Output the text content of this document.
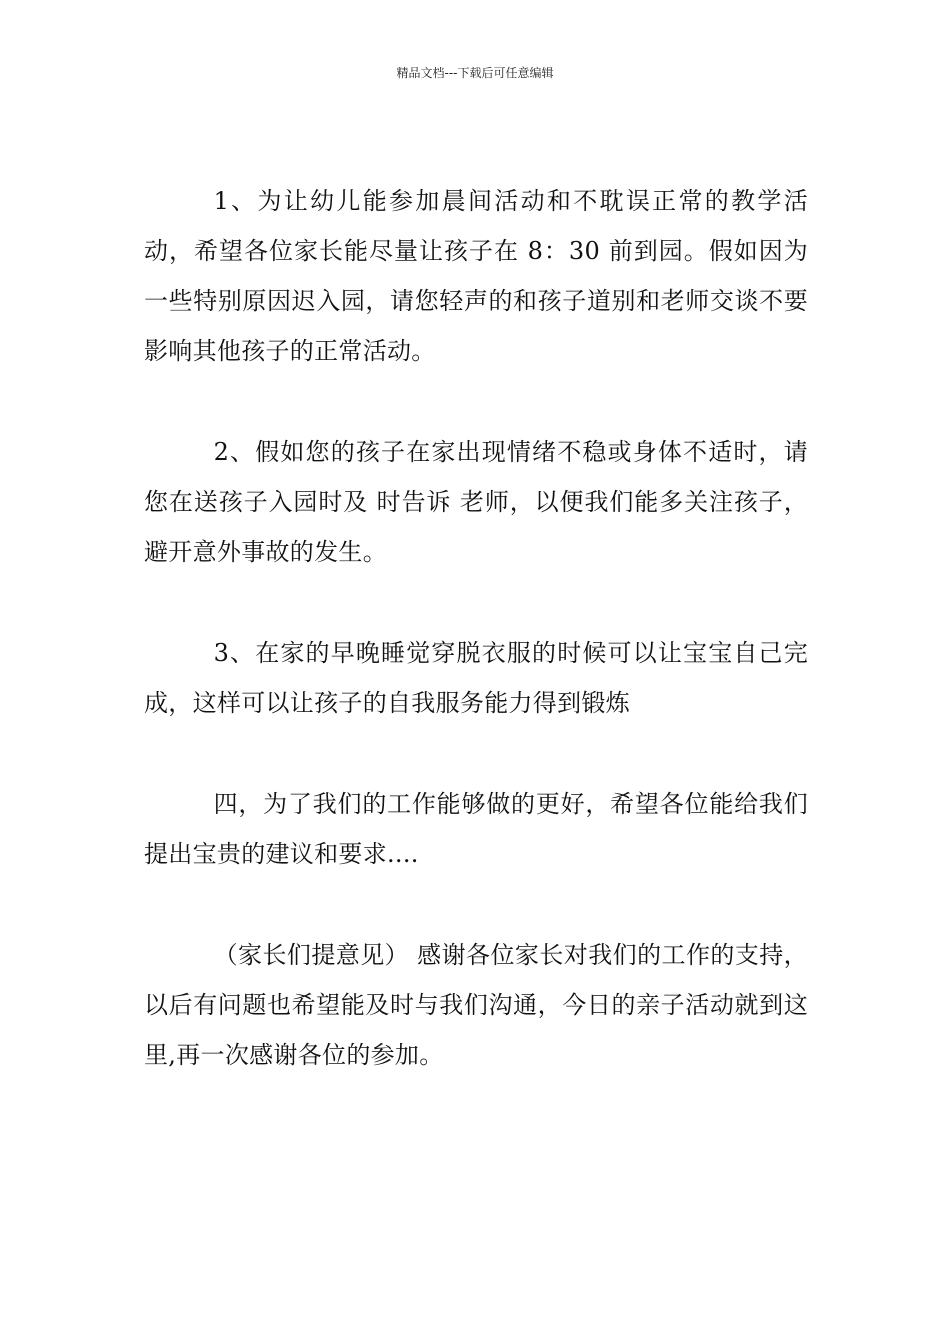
精品文档---下载后可任意编辑

1、为让幼儿能参加晨间活动和不耽误正常的教学活动，希望各位家长能尽量让孩子在 8：30 前到园。假如因为一些特别原因迟入园，请您轻声的和孩子道别和老师交谈不要影响其他孩子的正常活动。

2、假如您的孩子在家出现情绪不稳或身体不适时，请您在送孩子入园时及 时告诉 老师，以便我们能多关注孩子，避开意外事故的发生。

3、在家的早晚睡觉穿脱衣服的时候可以让宝宝自己完成，这样可以让孩子的自我服务能力得到锻炼

四，为了我们的工作能够做的更好，希望各位能给我们提出宝贵的建议和要求....

（家长们提意见） 感谢各位家长对我们的工作的支持，以后有问题也希望能及时与我们沟通，今日的亲子活动就到这里,再一次感谢各位的参加。
